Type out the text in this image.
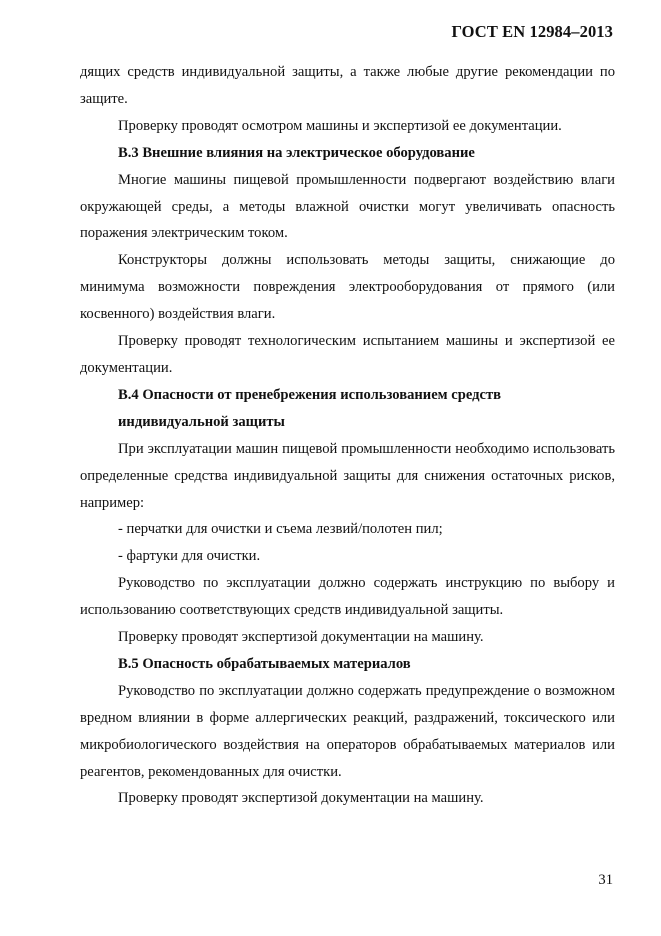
ГОСТ EN 12984–2013

дящих средств индивидуальной защиты, а также любые другие рекомендации по защите.

Проверку проводят осмотром машины и экспертизой ее документации.

В.3 Внешние влияния на электрическое оборудование

Многие машины пищевой промышленности подвергают воздействию влаги окружающей среды, а методы влажной очистки могут увеличивать опасность поражения электрическим током.

Конструкторы должны использовать методы защиты, снижающие до минимума возможности повреждения электрооборудования от прямого (или косвенного) воздействия влаги.

Проверку проводят технологическим испытанием машины и экспертизой ее документации.

В.4 Опасности от пренебрежения использованием средств индивидуальной защиты

При эксплуатации машин пищевой промышленности необходимо использовать определенные средства индивидуальной защиты для снижения остаточных рисков, например:

- перчатки для очистки и съема лезвий/полотен пил;

- фартуки для очистки.

Руководство по эксплуатации должно содержать инструкцию по выбору и использованию соответствующих средств индивидуальной защиты.

Проверку проводят экспертизой документации на машину.

В.5 Опасность обрабатываемых материалов

Руководство по эксплуатации должно содержать предупреждение о возможном вредном влиянии в форме аллергических реакций, раздражений, токсического или микробиологического воздействия на операторов обрабатываемых материалов или реагентов, рекомендованных для очистки.

Проверку проводят экспертизой документации на машину.

31
